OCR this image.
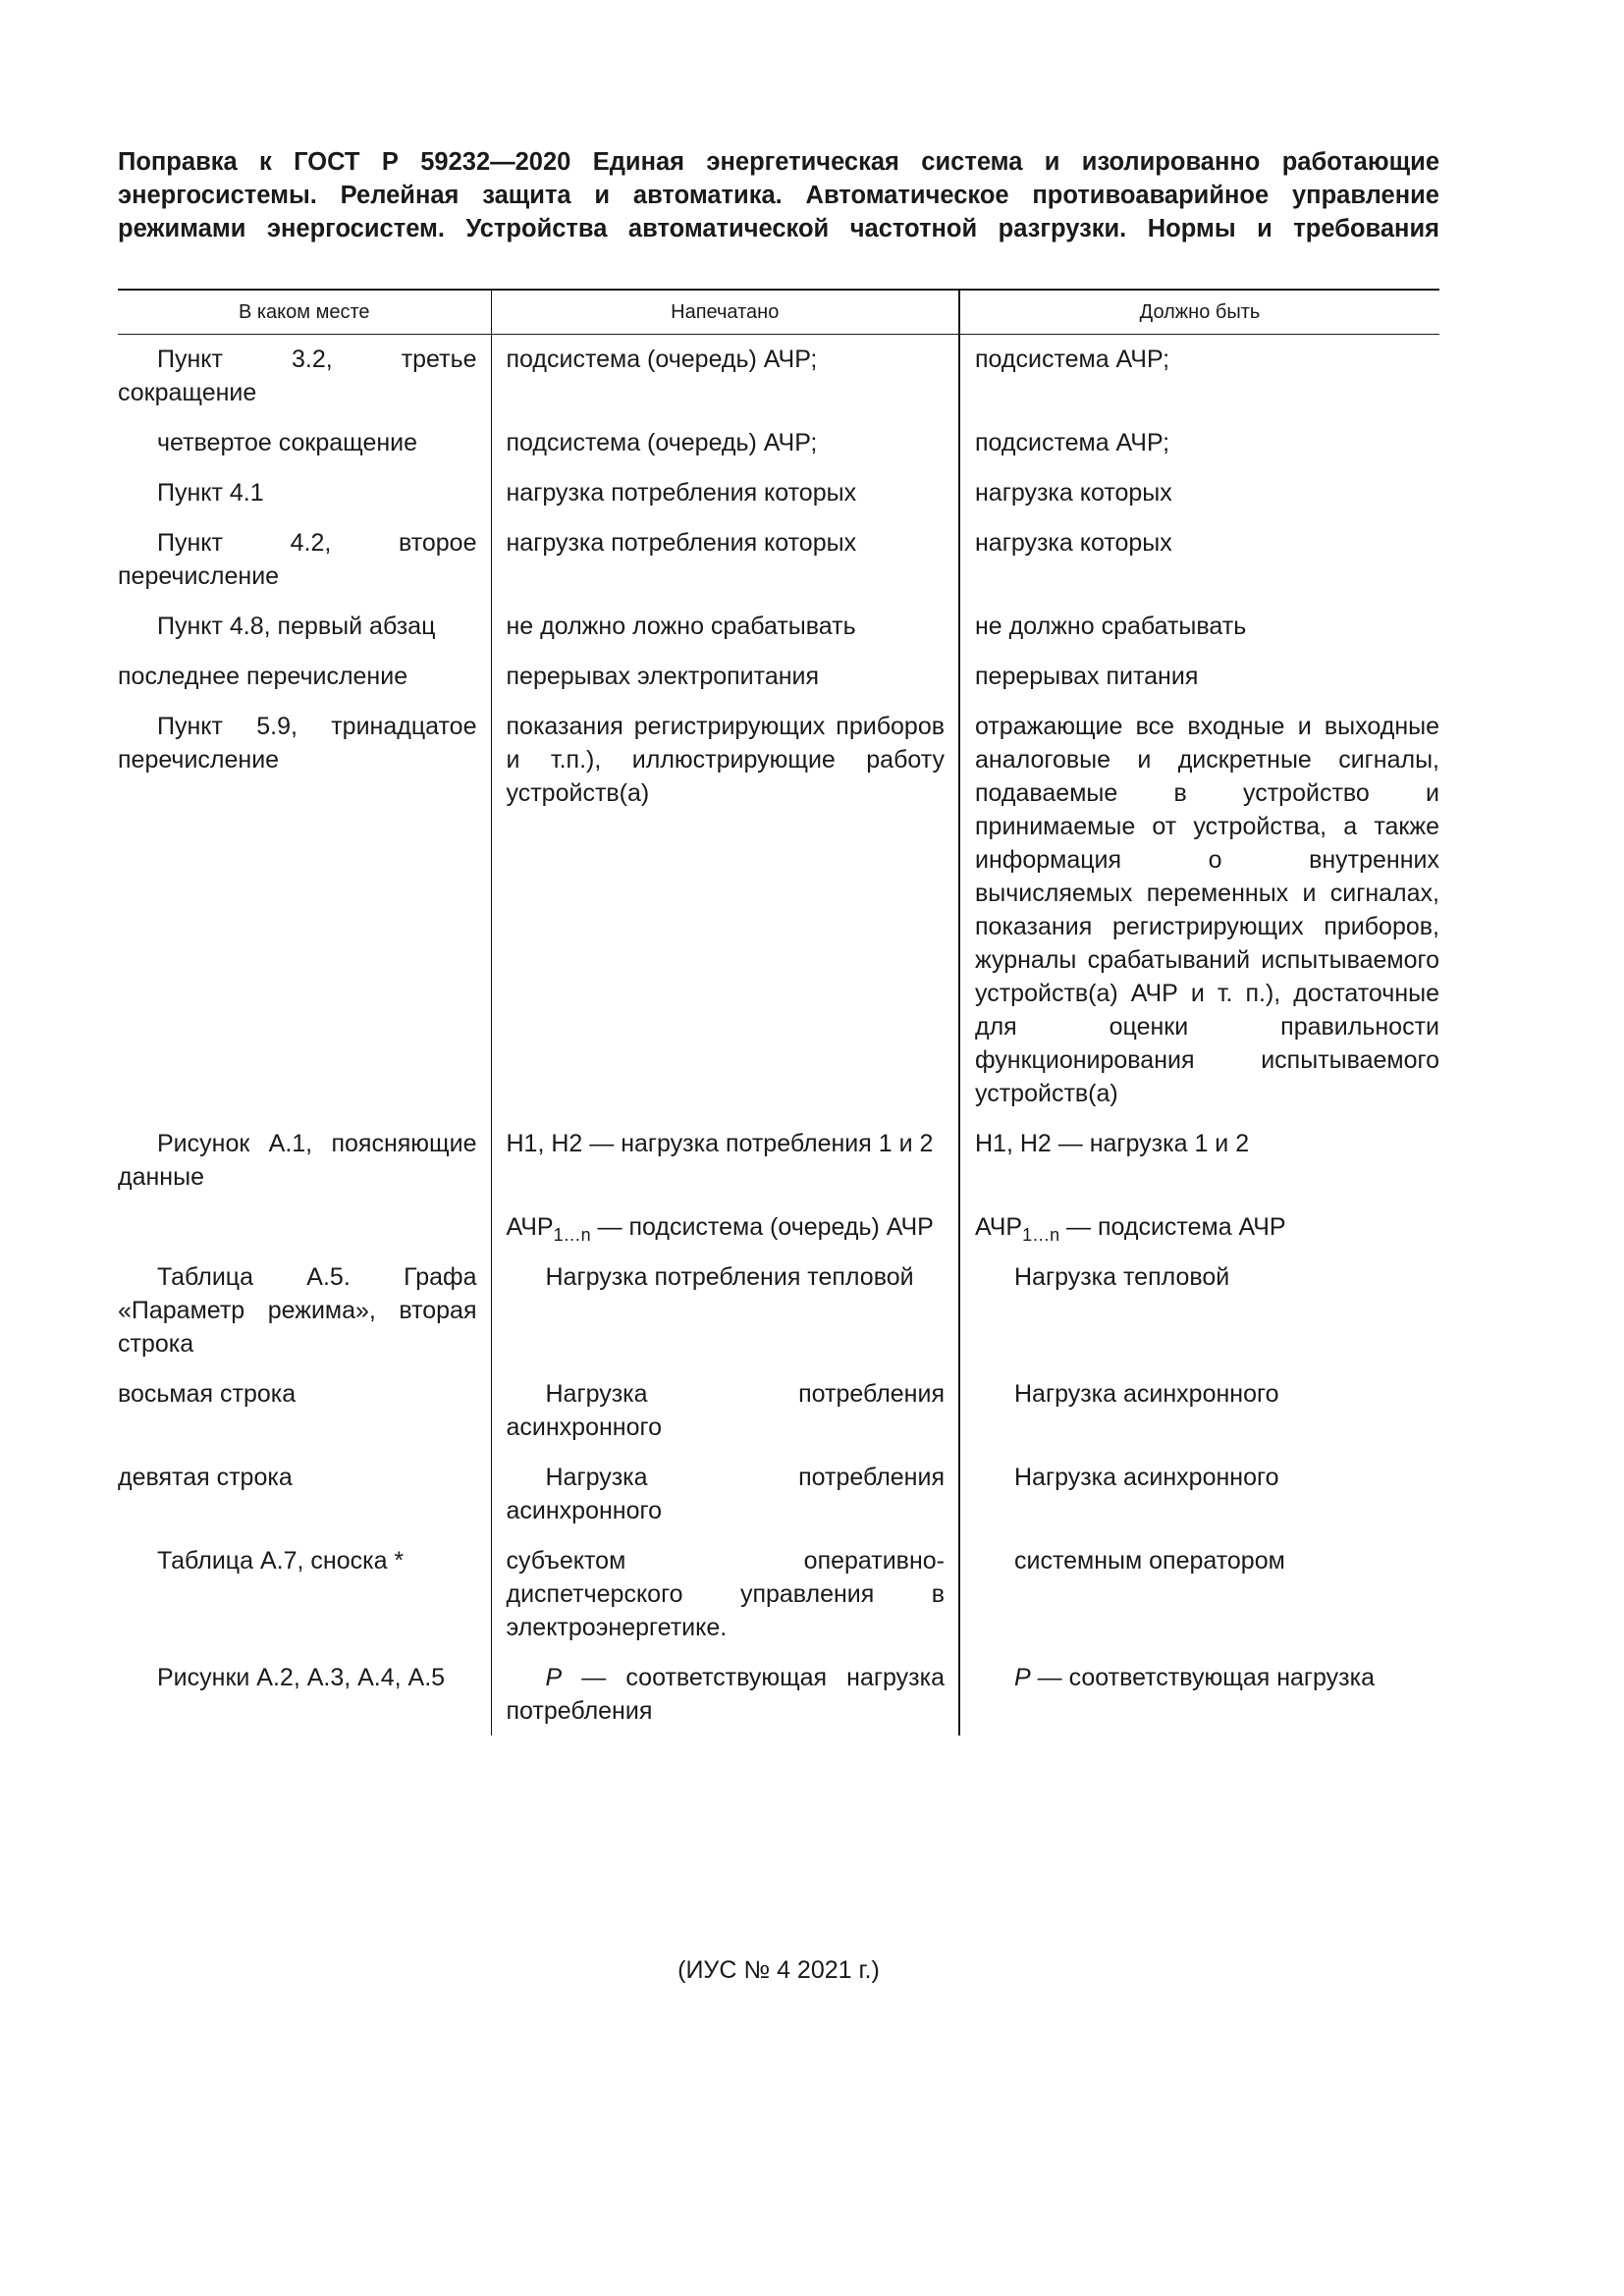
Поправка к ГОСТ Р 59232—2020 Единая энергетическая система и изолированно работающие энергосистемы. Релейная защита и автоматика. Автоматическое противоаварийное управление режимами энергосистем. Устройства автоматической частотной разгрузки. Нормы и требования

В каком месте	Напечатано	Должно быть
Пункт 3.2, третье сокращение	подсистема (очередь) АЧР;	подсистема АЧР;
четвертое сокращение	подсистема (очередь) АЧР;	подсистема АЧР;
Пункт 4.1	нагрузка потребления которых	нагрузка которых
Пункт 4.2, второе перечисление	нагрузка потребления которых	нагрузка которых
Пункт 4.8, первый абзац	не должно ложно срабатывать	не должно срабатывать
последнее перечисление	перерывах электропитания	перерывах питания
Пункт 5.9, тринадцатое перечисление	показания регистрирующих приборов и т.п.), иллюстрирующие работу устройств(а)	отражающие все входные и выходные аналоговые и дискретные сигналы, подаваемые в устройство и принимаемые от устройства, а также информация о внутренних вычисляемых переменных и сигналах, показания регистрирующих приборов, журналы срабатываний испытываемого устройств(а) АЧР и т. п.), достаточные для оценки правильности функционирования испытываемого устройств(а)
Рисунок А.1, поясняющие данные	Н1, Н2 — нагрузка потребления 1 и 2	Н1, Н2 — нагрузка 1 и 2
	$АЧР_{1\dots n}$ — подсистема (очередь) АЧР	$АЧР_{1\dots n}$ — подсистема АЧР
Таблица А.5. Графа «Параметр режима», вторая строка	Нагрузка потребления тепловой	Нагрузка тепловой
восьмая строка	Нагрузка потребления асинхронного	Нагрузка асинхронного
девятая строка	Нагрузка потребления асинхронного	Нагрузка асинхронного
Таблица А.7, сноска *	субъектом оперативно-диспетчерского управления в электроэнергетике.	системным оператором
Рисунки А.2, А.3, А.4, А.5	P — соответствующая нагрузка потребления	P — соответствующая нагрузка
(ИУС № 4 2021 г.)
